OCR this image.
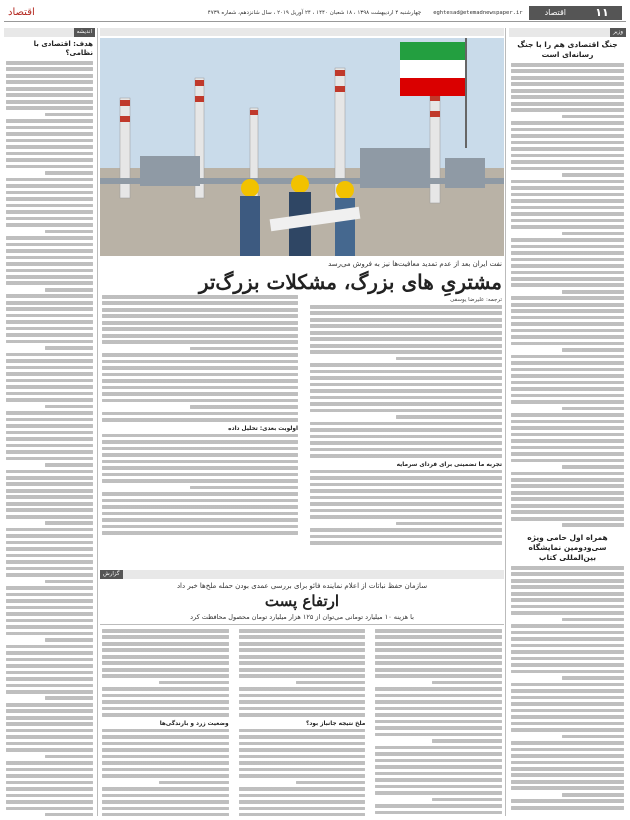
۱۱
اقتصاد
eghtesad@etemadnewspaper.ir
چهارشنبه ۴ اردیبهشت ۱۳۹۸ ، ۱۸ شعبان ۱۴۴۰ ، ۲۴ آوریل ۲۰۱۹ ، سال شانزدهم، شماره ۴۷۳۹
اقتصاد
وزیر
جنگ اقتصادی هم را با جنگ رسانه‌ای است
همراه اول حامی ویژه سی‌ودومین نمایشگاه بین‌المللی کتاب
اندیشه
هدف: اقتصادی با نظامی؟
نفت ایران بعد از عدم تمدید معافیت‌ها نیز به فروش می‌رسد
مشتریِ های بزرگ، مشکلات بزرگ‌تر
ترجمه: علیرضا یوسفی
تجربه ما تضمینی برای فردای سرمایه
اولویت بعدی: تحلیل داده
گزارش
سازمان حفظ نباتات از اعلام نماینده فائو برای بررسی عمدی بودن حمله ملخ‌ها خبر داد
ارتفاع پست
با هزینه ۱۰ میلیارد تومانی می‌توان از ۱۲۵ هزار میلیارد تومان محصول محافظت کرد
ملخ نتیجه جانباز بود؟
وضعیت زرد و بارندگی‌ها
